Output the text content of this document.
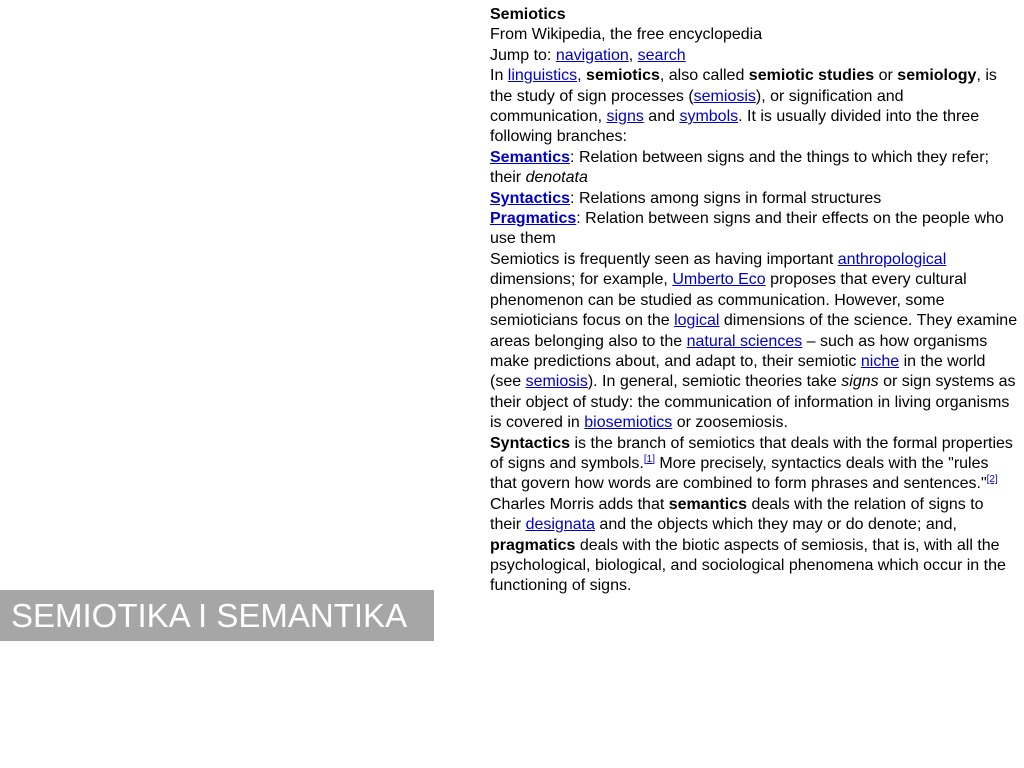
Semiotics

From Wikipedia, the free encyclopedia

Jump to: navigation, search

In linguistics, semiotics, also called semiotic studies or semiology, is the study of sign processes (semiosis), or signification and communication, signs and symbols. It is usually divided into the three following branches:

Semantics: Relation between signs and the things to which they refer; their denotata

Syntactics: Relations among signs in formal structures

Pragmatics: Relation between signs and their effects on the people who use them

Semiotics is frequently seen as having important anthropological dimensions; for example, Umberto Eco proposes that every cultural phenomenon can be studied as communication. However, some semioticians focus on the logical dimensions of the science. They examine areas belonging also to the natural sciences – such as how organisms make predictions about, and adapt to, their semiotic niche in the world (see semiosis). In general, semiotic theories take signs or sign systems as their object of study: the communication of information in living organisms is covered in biosemiotics or zoosemiosis.

Syntactics is the branch of semiotics that deals with the formal properties of signs and symbols.[1] More precisely, syntactics deals with the "rules that govern how words are combined to form phrases and sentences."[2] Charles Morris adds that semantics deals with the relation of signs to their designata and the objects which they may or do denote; and, pragmatics deals with the biotic aspects of semiosis, that is, with all the psychological, biological, and sociological phenomena which occur in the functioning of signs.

SEMIOTIKA I SEMANTIKA
